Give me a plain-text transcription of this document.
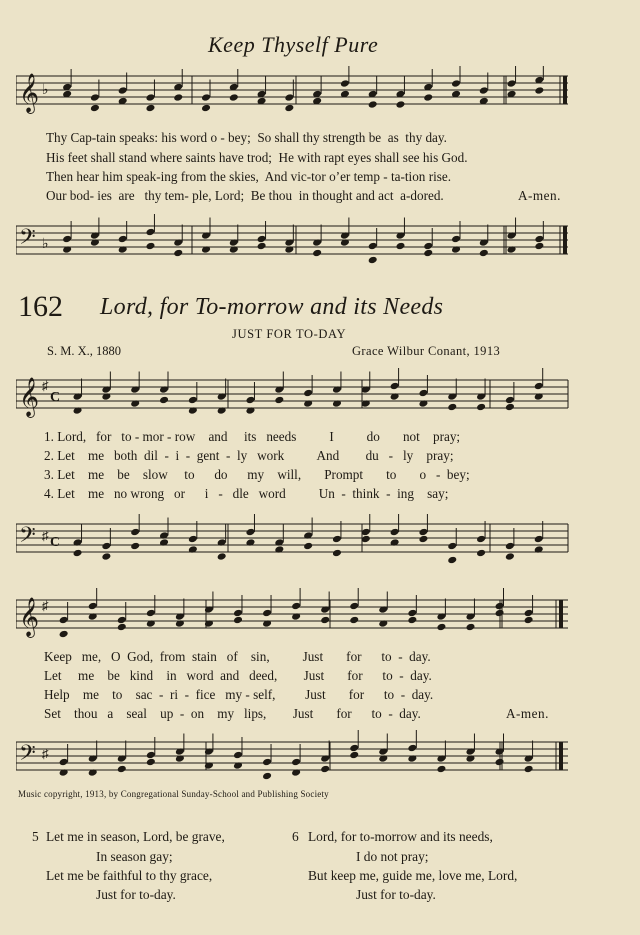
Keep Thyself Pure
𝄞 ♭
Thy Cap-tain speaks: his word o - bey;  So shall thy strength be  as  thy day.
His feet shall stand where saints have trod;  He with rapt eyes shall see his God.
Then hear him speak-ing from the skies,  And vic-tor o’er temp - ta-tion rise.
Our bod- ies  are   thy tem- ple, Lord;  Be thou  in thought and act  a-dored.	A-men.
𝄢 ♭
162 Lord, for To-morrow and its Needs
JUST FOR TO-DAY
S. M. X., 1880	Grace Wilbur Conant, 1913
𝄞 ♯
C
1. Lord,   for   to - mor - row    and     its   needs          I          do       not    pray;
2. Let    me   both  dil  -  i  -  gent  -  ly   work          And        du   -   ly    pray;
3. Let    me    be    slow     to      do      my    will,       Prompt       to       o   -  bey;
4. Let    me   no wrong   or      i   -   dle   word          Un  -  think  -  ing    say;
𝄢 ♯ C
𝄞 ♯
Keep   me,   O  God,  from  stain   of    sin,          Just       for      to  -  day.
Let     me    be   kind    in   word  and   deed,        Just       for      to  -  day.
Help    me    to    sac  -  ri  -  fice   my - self,         Just       for      to  -  day.
Set    thou   a    seal    up  -  on    my   lips,        Just       for      to  -  day.	A-men.
𝄢 ♯
Music copyright, 1913, by Congregational Sunday-School and Publishing Society
5 Let me in season, Lord, be grave,
In season gay;
Let me be faithful to thy grace,
Just for to-day.
6 Lord, for to-morrow and its needs,
I do not pray;
But keep me, guide me, love me, Lord,
Just for to-day.
